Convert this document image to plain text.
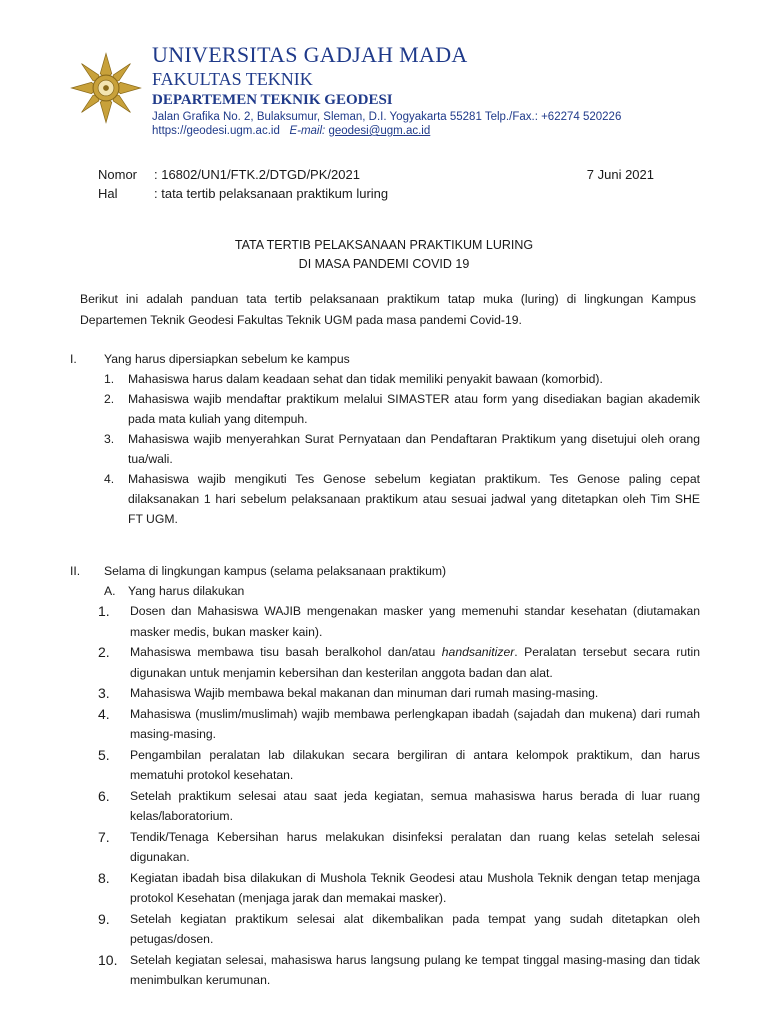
UNIVERSITAS GADJAH MADA
FAKULTAS TEKNIK
DEPARTEMEN TEKNIK GEODESI
Jalan Grafika No. 2, Bulaksumur, Sleman, D.I. Yogyakarta 55281 Telp./Fax.: +62274 520226
https://geodesi.ugm.ac.id E-mail: geodesi@ugm.ac.id
Nomor : 16802/UN1/FTK.2/DTGD/PK/2021	7 Juni 2021
Hal	: tata tertib pelaksanaan praktikum luring
TATA TERTIB PELAKSANAAN PRAKTIKUM LURING
DI MASA PANDEMI COVID 19
Berikut ini adalah panduan tata tertib pelaksanaan praktikum tatap muka (luring) di lingkungan Kampus Departemen Teknik Geodesi Fakultas Teknik UGM pada masa pandemi Covid-19.
I. Yang harus dipersiapkan sebelum ke kampus
1. Mahasiswa harus dalam keadaan sehat dan tidak memiliki penyakit bawaan (komorbid).
2. Mahasiswa wajib mendaftar praktikum melalui SIMASTER atau form yang disediakan bagian akademik pada mata kuliah yang ditempuh.
3. Mahasiswa wajib menyerahkan Surat Pernyataan dan Pendaftaran Praktikum yang disetujui oleh orang tua/wali.
4. Mahasiswa wajib mengikuti Tes Genose sebelum kegiatan praktikum. Tes Genose paling cepat dilaksanakan 1 hari sebelum pelaksanaan praktikum atau sesuai jadwal yang ditetapkan oleh Tim SHE FT UGM.
II. Selama di lingkungan kampus (selama pelaksanaan praktikum)
A. Yang harus dilakukan
1. Dosen dan Mahasiswa WAJIB mengenakan masker yang memenuhi standar kesehatan (diutamakan masker medis, bukan masker kain).
2. Mahasiswa membawa tisu basah beralkohol dan/atau handsanitizer. Peralatan tersebut secara rutin digunakan untuk menjamin kebersihan dan kesterilan anggota badan dan alat.
3. Mahasiswa Wajib membawa bekal makanan dan minuman dari rumah masing-masing.
4. Mahasiswa (muslim/muslimah) wajib membawa perlengkapan ibadah (sajadah dan mukena) dari rumah masing-masing.
5. Pengambilan peralatan lab dilakukan secara bergiliran di antara kelompok praktikum, dan harus mematuhi protokol kesehatan.
6. Setelah praktikum selesai atau saat jeda kegiatan, semua mahasiswa harus berada di luar ruang kelas/laboratorium.
7. Tendik/Tenaga Kebersihan harus melakukan disinfeksi peralatan dan ruang kelas setelah selesai digunakan.
8. Kegiatan ibadah bisa dilakukan di Mushola Teknik Geodesi atau Mushola Teknik dengan tetap menjaga protokol Kesehatan (menjaga jarak dan memakai masker).
9. Setelah kegiatan praktikum selesai alat dikembalikan pada tempat yang sudah ditetapkan oleh petugas/dosen.
10. Setelah kegiatan selesai, mahasiswa harus langsung pulang ke tempat tinggal masing-masing dan tidak menimbulkan kerumunan.
